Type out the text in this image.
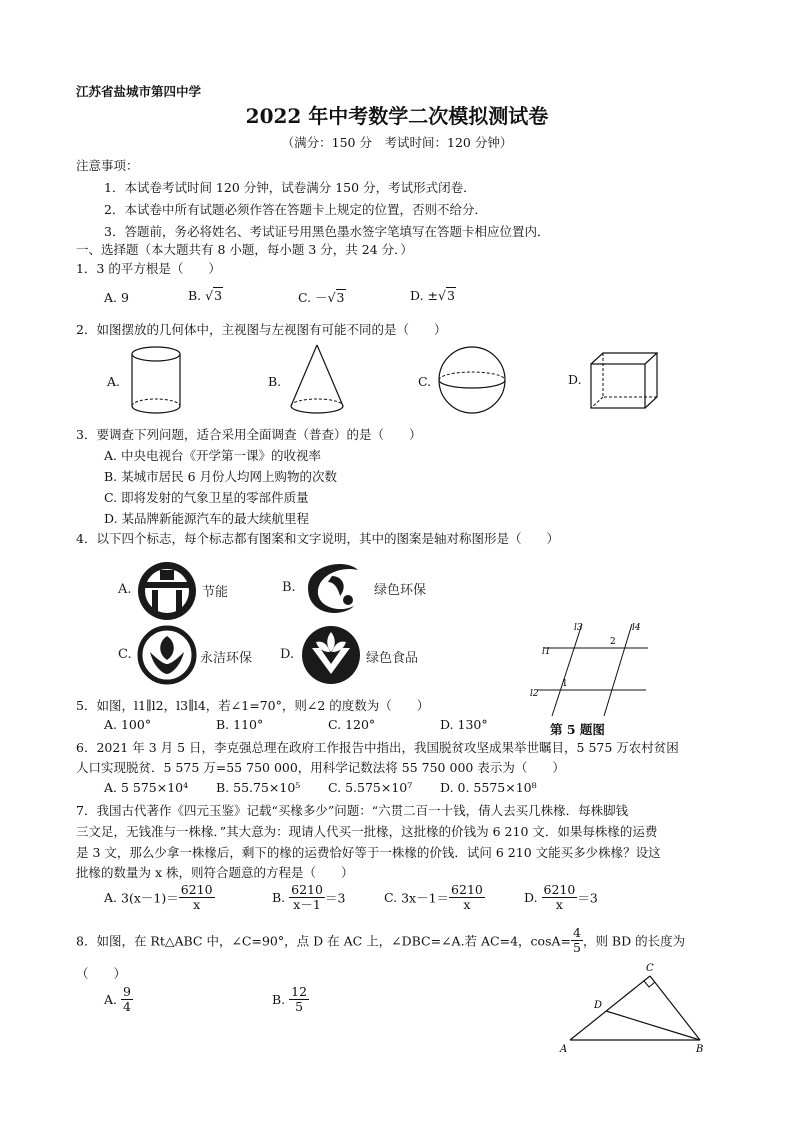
江苏省盐城市第四中学
2022 年中考数学二次模拟测试卷
（满分：150 分　考试时间：120 分钟）
注意事项：
1．本试卷考试时间 120 分钟，试卷满分 150 分，考试形式闭卷．
2．本试卷中所有试题必须作答在答题卡上规定的位置，否则不给分．
3．答题前，务必将姓名、考试证号用黑色墨水签字笔填写在答题卡相应位置内．
一、选择题（本大题共有 8 小题，每小题 3 分，共 24 分．）
1．3 的平方根是（　　）
A. 9	B. √3	C. －√3	D. ±√3
2．如图摆放的几何体中，主视图与左视图有可能不同的是（　　）
A.	B.	C.	D.
3．要调查下列问题，适合采用全面调查（普查）的是（　　）
A. 中央电视台《开学第一课》的收视率
B. 某城市居民 6 月份人均网上购物的次数
C. 即将发射的气象卫星的零部件质量
D. 某品牌新能源汽车的最大续航里程
4．以下四个标志，每个标志都有图案和文字说明，其中的图案是轴对称图形是（　　）
A.	节能	B.	绿色环保
C.	永洁环保 D.	绿色食品
l3	l4
l1
l2
1
2
第 5 题图
5．如图，l1∥l2，l3∥l4，若∠1=70°，则∠2 的度数为（　　）
A. 100°	B. 110°	C. 120°	D. 130°
6．2021 年 3 月 5 日，李克强总理在政府工作报告中指出，我国脱贫攻坚成果举世瞩目，5 575 万农村贫困
人口实现脱贫．5 575 万=55 750 000，用科学记数法将 55 750 000 表示为（　　）
A. 5 575×10⁴ B. 55.75×10⁵ C. 5.575×10⁷ D. 0. 5575×10⁸
7．我国古代著作《四元玉鉴》记载“买椽多少”问题：“六贯二百一十钱，倩人去买几株椽．每株脚钱
三文足，无钱准与一株椽．”其大意为：现请人代买一批椽，这批椽的价钱为 6 210 文．如果每株椽的运费
是 3 文，那么少拿一株椽后，剩下的椽的运费恰好等于一株椽的价钱．试问 6 210 文能买多少株椽？设这
批椽的数量为 x 株，则符合题意的方程是（　　）
A. $3(x-1)= \frac{6210}{x}$	B. $\frac{6210}{x-1} =3$	C. $3x-1= \frac{6210}{x}$	D. $\frac{6210}{x} =3$
8．如图，在 Rt△ABC 中，∠C=90°，点 D 在 AC 上，∠DBC=∠A.若 AC=4，$\cos A= \frac{4}{5}$ ，则 BD 的长度为
（　　）
A. $\frac{9}{4}$	B. $\frac{12}{5}$
C
D
A	B
